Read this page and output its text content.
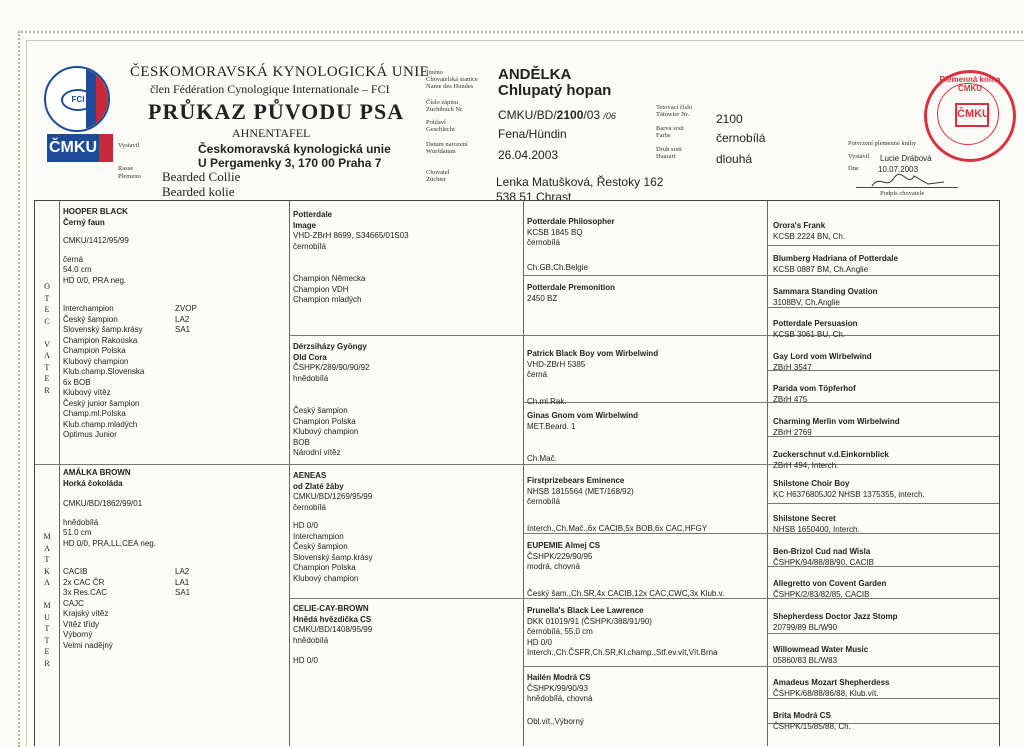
FCI
ČMKU
ČESKOMORAVSKÁ KYNOLOGICKÁ UNIE
člen Fédération Cynologique Internationale – FCI
PRŮKAZ PŮVODU PSA
AHNENTAFEL
Vystavil	Českomoravská kynologická unie
U Pergamenky 3, 170 00 Praha 7
Rasse
Plemeno Bearded Collie
Bearded kolie
Jméno
Chovatelská stanice
Name des Hundes
Číslo zápisu
Zuchtbuch Nr.
Pohlaví
Geschlecht
Datum narození
Wurfdatum
Chovatel
Züchter
ANDĚLKA
Chlupatý hopan
CMKU/BD/2100/03 /06
Fena/Hündin
26.04.2003
Lenka Matušková, Řestoky 162
538 51 Chrast
Tetovací číslo
Tätowier Nr.
Barva srsti
Farbe
Druh srsti
Haarart
2100
černobílá
dlouhá
Potvrzení plemenné knihy
Vystavil
Dne
Lucie Drábová
10.07.2003
Podpis chovatele
Plemenná kniha ČMKU
ČMKU
O
T
E
C

V
A
T
E
R
M
A
T
K
A

M
U
T
T
E
R
HOOPER BLACK
Černý faun
CMKU/1412/95/99
černá
54.0 cm
HD 0/0, PRA neg.
Interchampion
Český šampion
Slovenský šamp.krásy
Champion Rakouska
Champion Polska
Klubový champion
Klub.champ.Slovenska
6x BOB
Klubový vítěz
Český junior šampion
Champ.ml.Polska
Klub.champ.mladých
Optimus Junior
ZVOP
LA2
SA1
AMÁLKA BROWN
Horká čokoláda
CMKU/BD/1862/99/01
hnědobílá
51.0 cm
HD 0/0, PRA,LL,CEA neg.
CACIB
2x CAC ČR
3x Res.CAC
CAJC
Krajský vítěz
Vítěz třídy
Výborný
Velmi nadějný
LA2
LA1
SA1
Potterdale
Image
VHD-ZBrH 8699, S34665/01S03
černobílá
Champion Německa
Champion VDH
Champion mladých
Dérzsiházy Gyöngy
Old Cora
ČSHPK/289/90/90/92
hnědobílá
Český šampion
Champion Polska
Klubový champion
BOB
Národní vítěz
AENEAS
od Zlaté žáby
CMKU/BD/1269/95/99
černobílá
HD 0/0
Interchampion
Český šampion
Slovenský šamp.krásy
Champion Polska
Klubový champion
CELIE-CAY-BROWN
Hnědá hvězdička CS
CMKU/BD/1408/95/99
hnědobílá
HD 0/0
Potterdale Philosopher
KCSB 1845 BQ
černobílá
Ch.GB,Ch.Belgie
Potterdale Premonition
2450 BZ
Patrick Black Boy vom Wirbelwind
VHD-ZBrH 5385
černá
Ch.ml.Rak.
Ginas Gnom vom Wirbelwind
MET.Beard. 1
Ch.Mač.
Firstprizebears Eminence
NHSB 1815564 (MET/168/92)
černobílá
Interch.,Ch.Mač.,6x CACIB,5x BOB,6x CAC,HFGY
EUPEMIE Almej CS
ČSHPK/229/90/95
modrá, chovná
Český šam.,Ch.SR,4x CACIB,12x CAC,CWC,3x Klub.v.
Prunella's Black Lee Lawrence
DKK 01019/91 (ČSHPK/388/91/90)
černobílá, 55.0 cm
HD 0/0
Interch.,Ch.ČSFR,Ch.SR,Kl.champ.,Stf.ev.vít,Vít.Brna
Hailén Modrá CS
ČSHPK/99/90/93
hnědobílá, chovná
Obl.vít.,Výborný
Orora's Frank
KCSB 2224 BN, Ch.
Blumberg Hadriana of Potterdale
KCSB 0887 BM, Ch.Anglie
Sammara Standing Ovation
3108BV, Ch.Anglie
Potterdale Persuasion
KCSB 3061 BU, Ch.
Gay Lord vom Wirbelwind
ZBrH 3547
Parida vom Töpferhof
ZBrH 475
Charming Merlin vom Wirbelwind
ZBrH 2769
Zuckerschnut v.d.Einkornblick
ZBrH 494, Interch.
Shilstone Choir Boy
KC H6376805J02 NHSB 1375355, interch.
Shilstone Secret
NHSB 1650400, Interch.
Ben-Brizol Cud nad Wisla
ČSHPK/94/88/88/90, CACIB
Allegretto von Covent Garden
ČSHPK/2/83/82/85, CACIB
Shepherdess Doctor Jazz Stomp
20799/89 BL/W90
Willowmead Water Music
05860/83 BL/W83
Amadeus Mozart Shepherdess
ČSHPK/68/88/86/88, Klub.vít.
Brita Modrá CS
ČSHPK/15/85/88, Ch.
